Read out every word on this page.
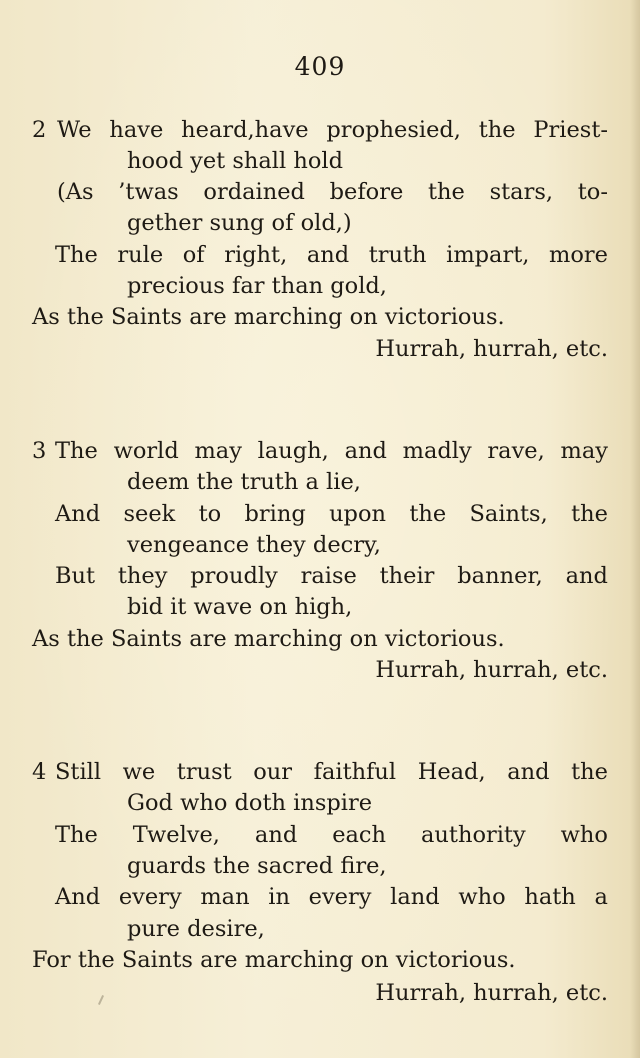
409
2 We have heard,have prophesied, the Priest-
hood yet shall hold
(As ’twas ordained before the stars, to-
gether sung of old,)
The rule of right, and truth impart, more
precious far than gold,
As the Saints are marching on victorious.
Hurrah, hurrah, etc.
3 The world may laugh, and madly rave, may
deem the truth a lie,
And seek to bring upon the Saints, the
vengeance they decry,
But they proudly raise their banner, and
bid it wave on high,
As the Saints are marching on victorious.
Hurrah, hurrah, etc.
4 Still we trust our faithful Head, and the
God who doth inspire
The Twelve, and each authority who
guards the sacred fire,
And every man in every land who hath a
pure desire,
For the Saints are marching on victorious.
Hurrah, hurrah, etc.
